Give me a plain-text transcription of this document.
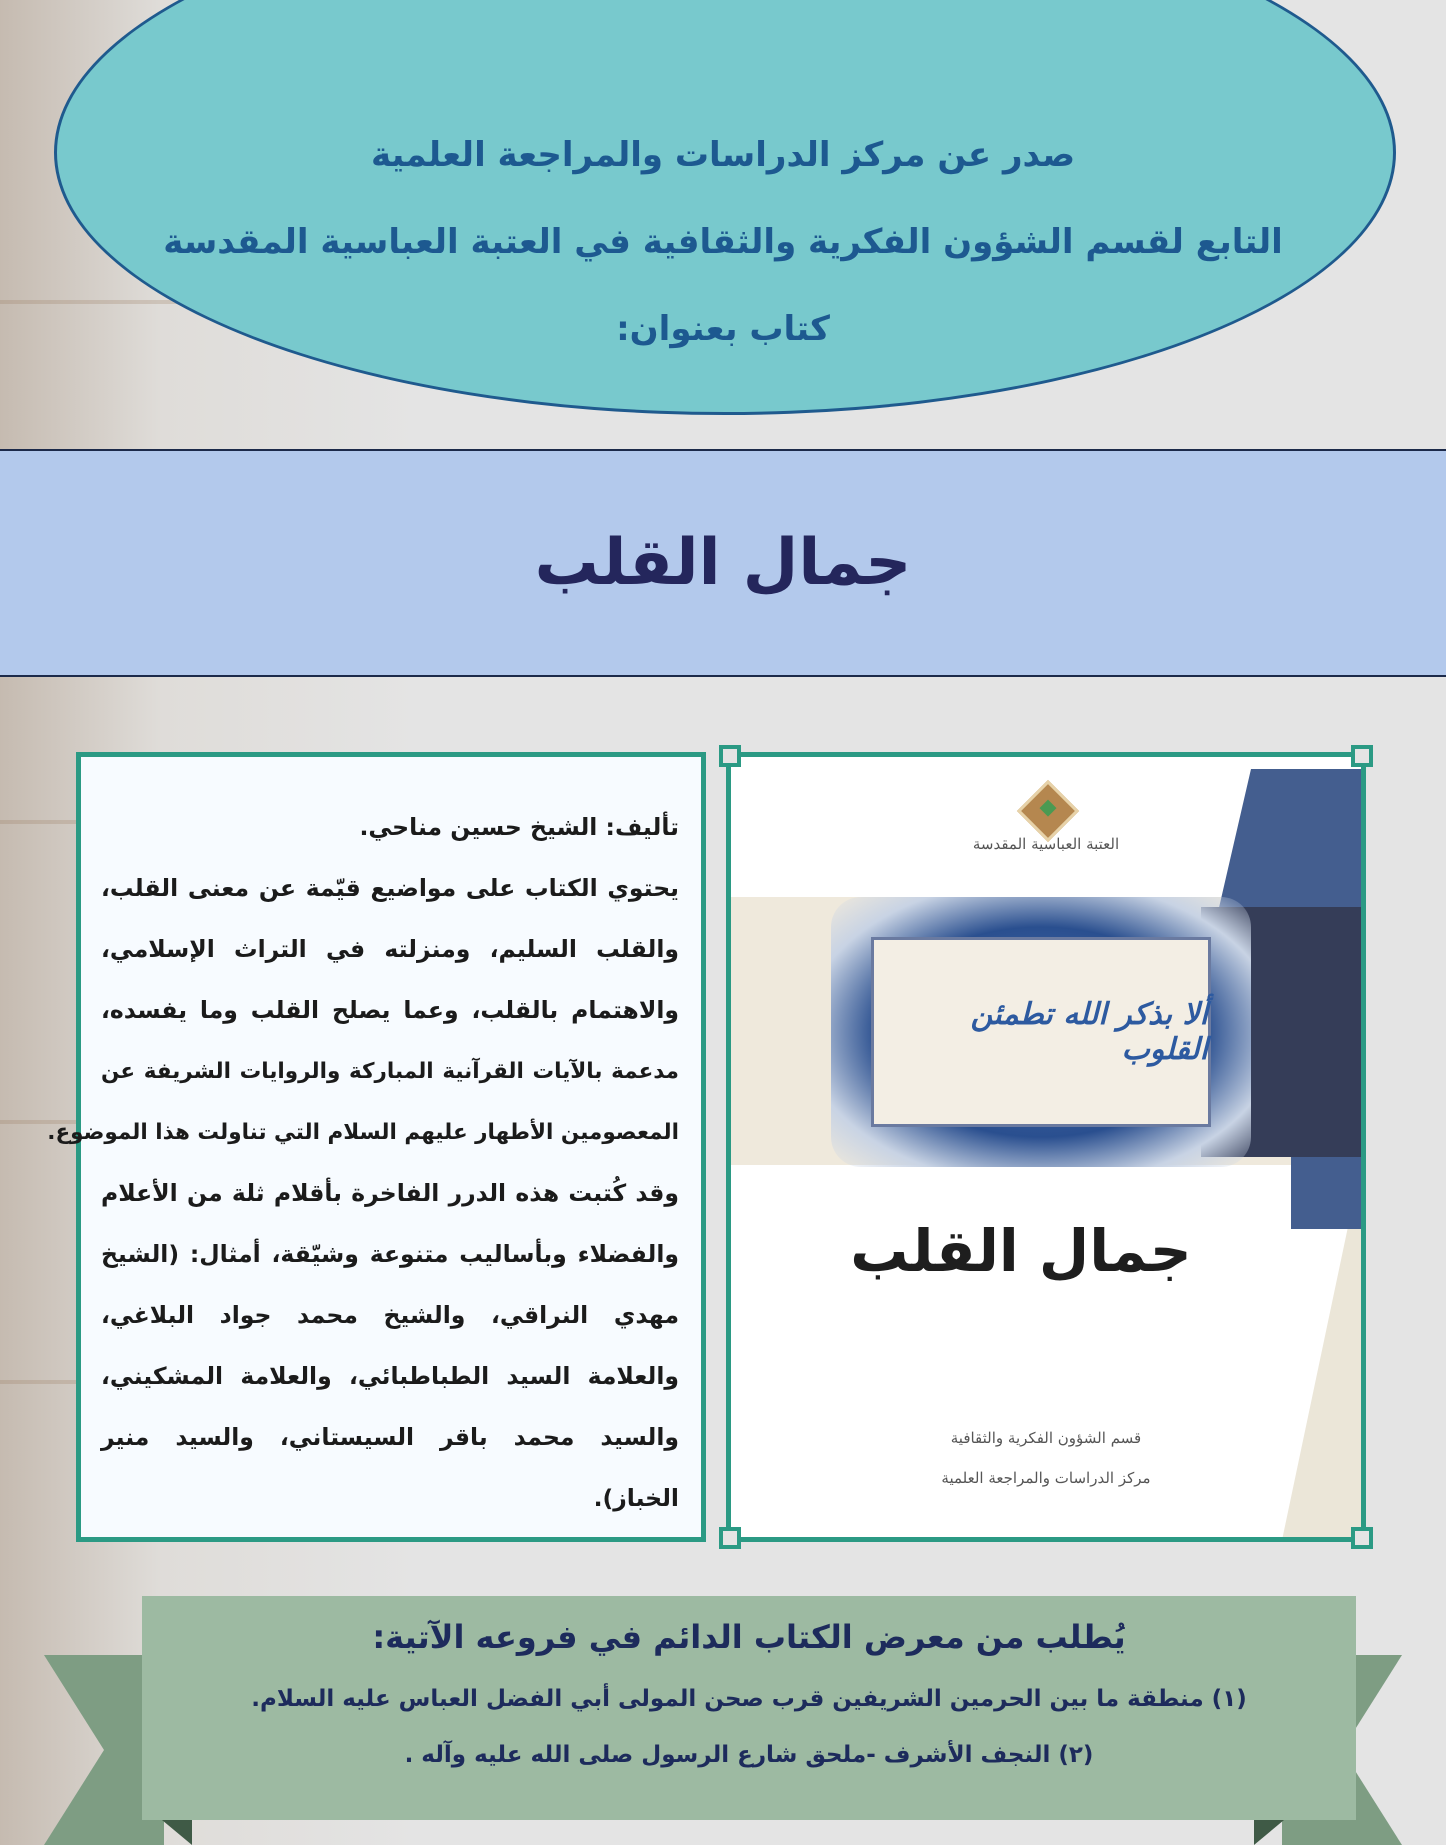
صدر عن مركز الدراسات والمراجعة العلمية
التابع لقسم الشؤون الفكرية والثقافية في العتبة العباسية المقدسة
كتاب بعنوان:
جمال القلب
تأليف: الشيخ حسين مناحي.
يحتوي الكتاب على مواضيع قيّمة عن معنى القلب،
والقلب السليم، ومنزلته في التراث الإسلامي،
والاهتمام بالقلب، وعما يصلح القلب وما يفسده،
مدعمة بالآيات القرآنية المباركة والروايات الشريفة عن
المعصومين الأطهار عليهم السلام التي تناولت هذا الموضوع.
وقد كُتبت هذه الدرر الفاخرة بأقلام ثلة من الأعلام
والفضلاء وبأساليب متنوعة وشيّقة، أمثال: (الشيخ
مهدي النراقي، والشيخ محمد جواد البلاغي،
والعلامة السيد الطباطبائي، والعلامة المشكيني،
والسيد محمد باقر السيستاني، والسيد منير
الخباز).
العتبة العباسية المقدسة
ألا بذكر الله تطمئن القلوب
جمال القلب
قسم الشؤون الفكرية والثقافية
مركز الدراسات والمراجعة العلمية
يُطلب من معرض الكتاب الدائم في فروعه الآتية:
(١) منطقة ما بين الحرمين الشريفين قرب صحن المولى أبي الفضل العباس عليه السلام.
(٢) النجف الأشرف -ملحق شارع الرسول صلى الله عليه وآله .
